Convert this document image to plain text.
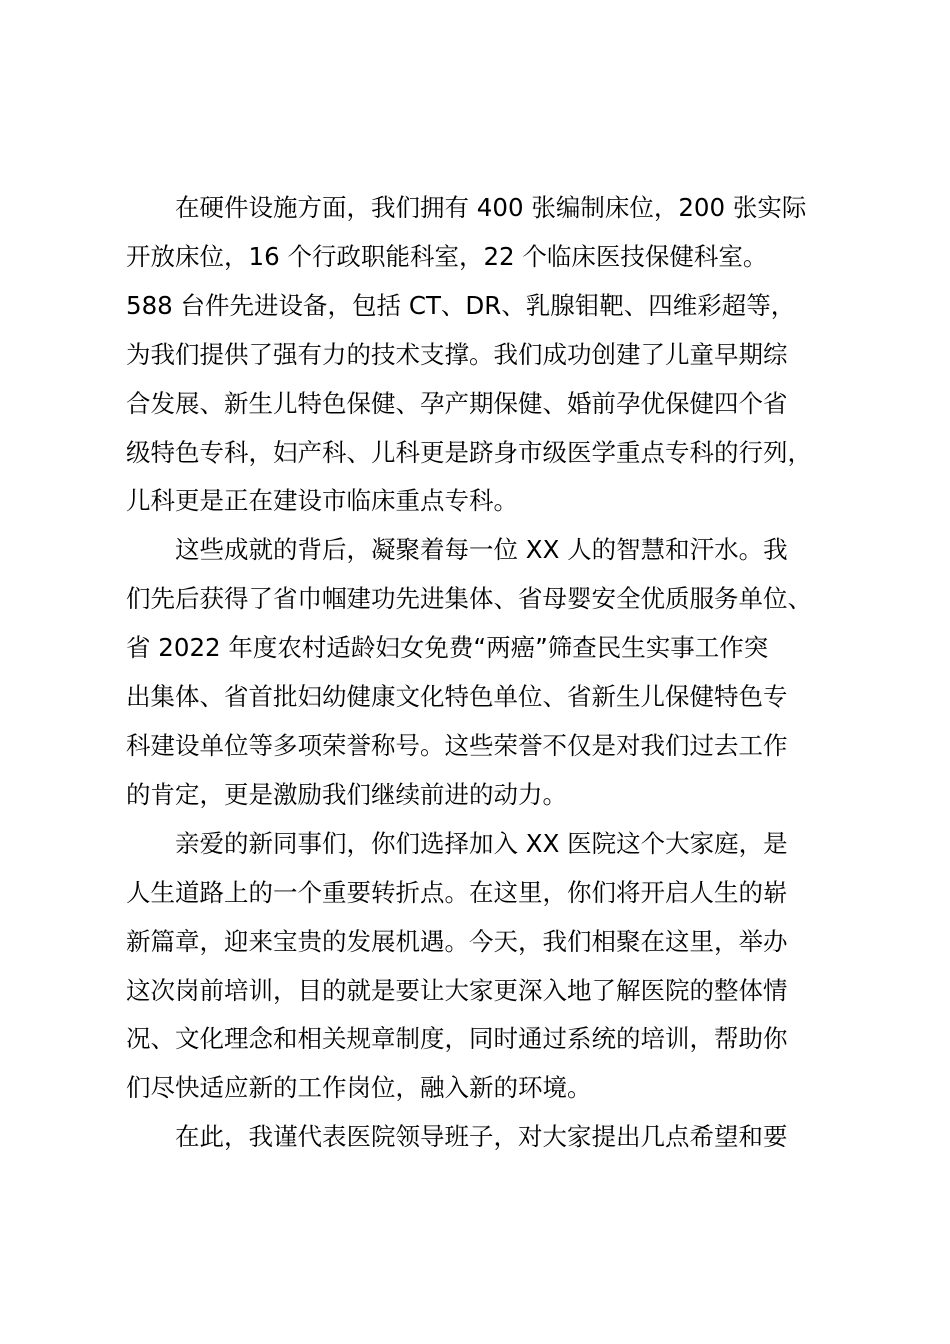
在硬件设施方面，我们拥有 400 张编制床位，200 张实际
开放床位，16 个行政职能科室，22 个临床医技保健科室。
588 台件先进设备，包括 CT、DR、乳腺钼靶、四维彩超等，
为我们提供了强有力的技术支撑。我们成功创建了儿童早期综
合发展、新生儿特色保健、孕产期保健、婚前孕优保健四个省
级特色专科，妇产科、儿科更是跻身市级医学重点专科的行列，
儿科更是正在建设市临床重点专科。
这些成就的背后，凝聚着每一位 XX 人的智慧和汗水。我
们先后获得了省巾帼建功先进集体、省母婴安全优质服务单位、
省 2022 年度农村适龄妇女免费“两癌”筛查民生实事工作突
出集体、省首批妇幼健康文化特色单位、省新生儿保健特色专
科建设单位等多项荣誉称号。这些荣誉不仅是对我们过去工作
的肯定，更是激励我们继续前进的动力。
亲爱的新同事们，你们选择加入 XX 医院这个大家庭，是
人生道路上的一个重要转折点。在这里，你们将开启人生的崭
新篇章，迎来宝贵的发展机遇。今天，我们相聚在这里，举办
这次岗前培训，目的就是要让大家更深入地了解医院的整体情
况、文化理念和相关规章制度，同时通过系统的培训，帮助你
们尽快适应新的工作岗位，融入新的环境。
在此，我谨代表医院领导班子，对大家提出几点希望和要
